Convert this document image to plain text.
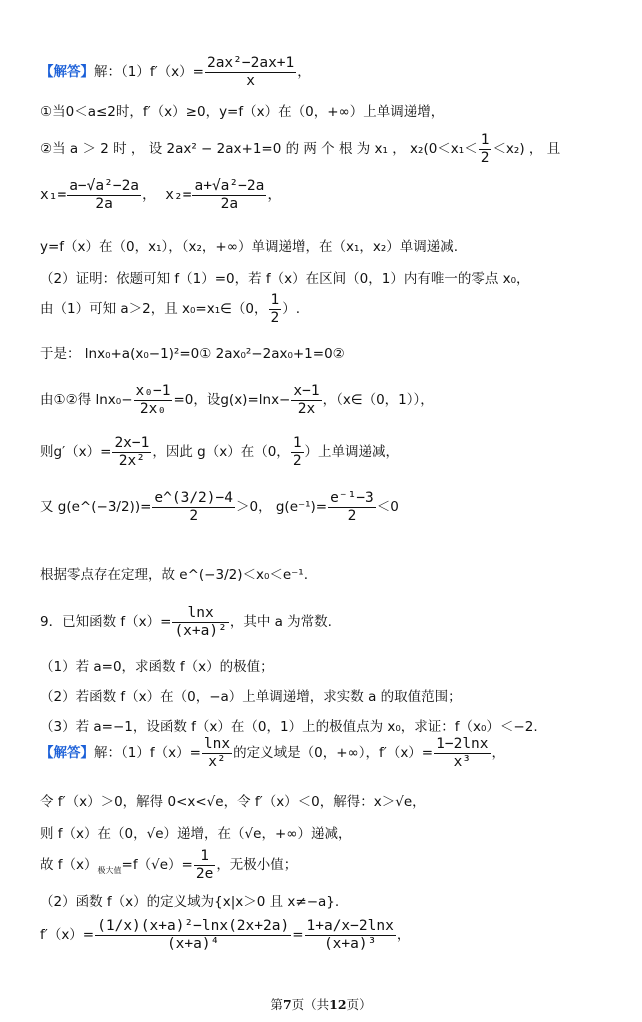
【解答】解：$(1)f'(x)= \frac{\text{2ax²−2ax+1}}{x}$ ，
①当0＜a≤2时，f′（x）≥0，y=f（x）在（0，+∞）上单调递增，
②当 a ＞ 2 时 ， 设 2ax² − 2ax+1=0 的 两 个 根 为 x₁ ， $x_2(0<x_1< \frac{1}{2} <x_2)$ ， 且
$x_1= \frac{\text{a−√a²−2a}}{2a}$ ， $x_2= \frac{\text{a+√a²−2a}}{2a}$ ，
y=f（x）在（0，x₁），（x₂，+∞）单调递增，在（x₁，x₂）单调递减.
（2）证明：依题可知 f（1）=0，若 f（x）在区间（0，1）内有唯一的零点 x₀，
由（1）可知 a＞2，且 x₀=x₁∈（0， $\frac{1}{2}$ ）.
于是： lnx₀+a(x₀−1)²=0① 2ax₀²−2ax₀+1=0②
由①②得 $\ln x_0- \frac{\text{x₀−1}}{\text{2x₀}} =0$，设$g(x)=\ln x- \frac{x-1}{2x}$ ，（x∈（0，1）），
则$g'(x)= \frac{2x-1}{\text{2x²}}$ ，因此 g（x）在（0， $\frac{1}{2}$ ）上单调递减，
又 g(e^(−3/2))= $\frac{e\^{}(3/2)-4}{2} >0$， $g(e^{-1})= \frac{\text{e⁻¹−3}}{2} <0$
根据零点存在定理，故 e^(−3/2)＜x₀＜e⁻¹.
9．已知函数 $f(x)= \frac{\ln x}{\text{(x+a)²}}$ ，其中 a 为常数.
（1）若 a=0，求函数 f（x）的极值；
（2）若函数 f（x）在（0，−a）上单调递增，求实数 a 的取值范围；
（3）若 a=−1，设函数 f（x）在（0，1）上的极值点为 x₀，求证：f（x₀）＜−2.
【解答】解：$(1)f(x)= \frac{\ln x}{\text{x²}}$ 的定义域是（0，+∞），$f'(x)= \frac{1-2\ln x}{\text{x³}}$ ，
令 f′（x）＞0，解得 0<x<√e，令 f′（x）＜0，解得：x＞√e，
则 f（x）在（0，√e）递增，在（√e，+∞）递减，
故 $f(x)_{极大值}=f(√e)= \frac{1}{2e}$ ，无极小值；
（2）函数 f（x）的定义域为{x|x＞0 且 x≠−a}.
$f'(x)= \frac{\text{(1/x)(x+a)²−lnx(2x+2a)}}{\text{(x+a)⁴}} = \frac{1+a/x-2\ln x}{\text{(x+a)³}}$ ，
第7页（共12页）
